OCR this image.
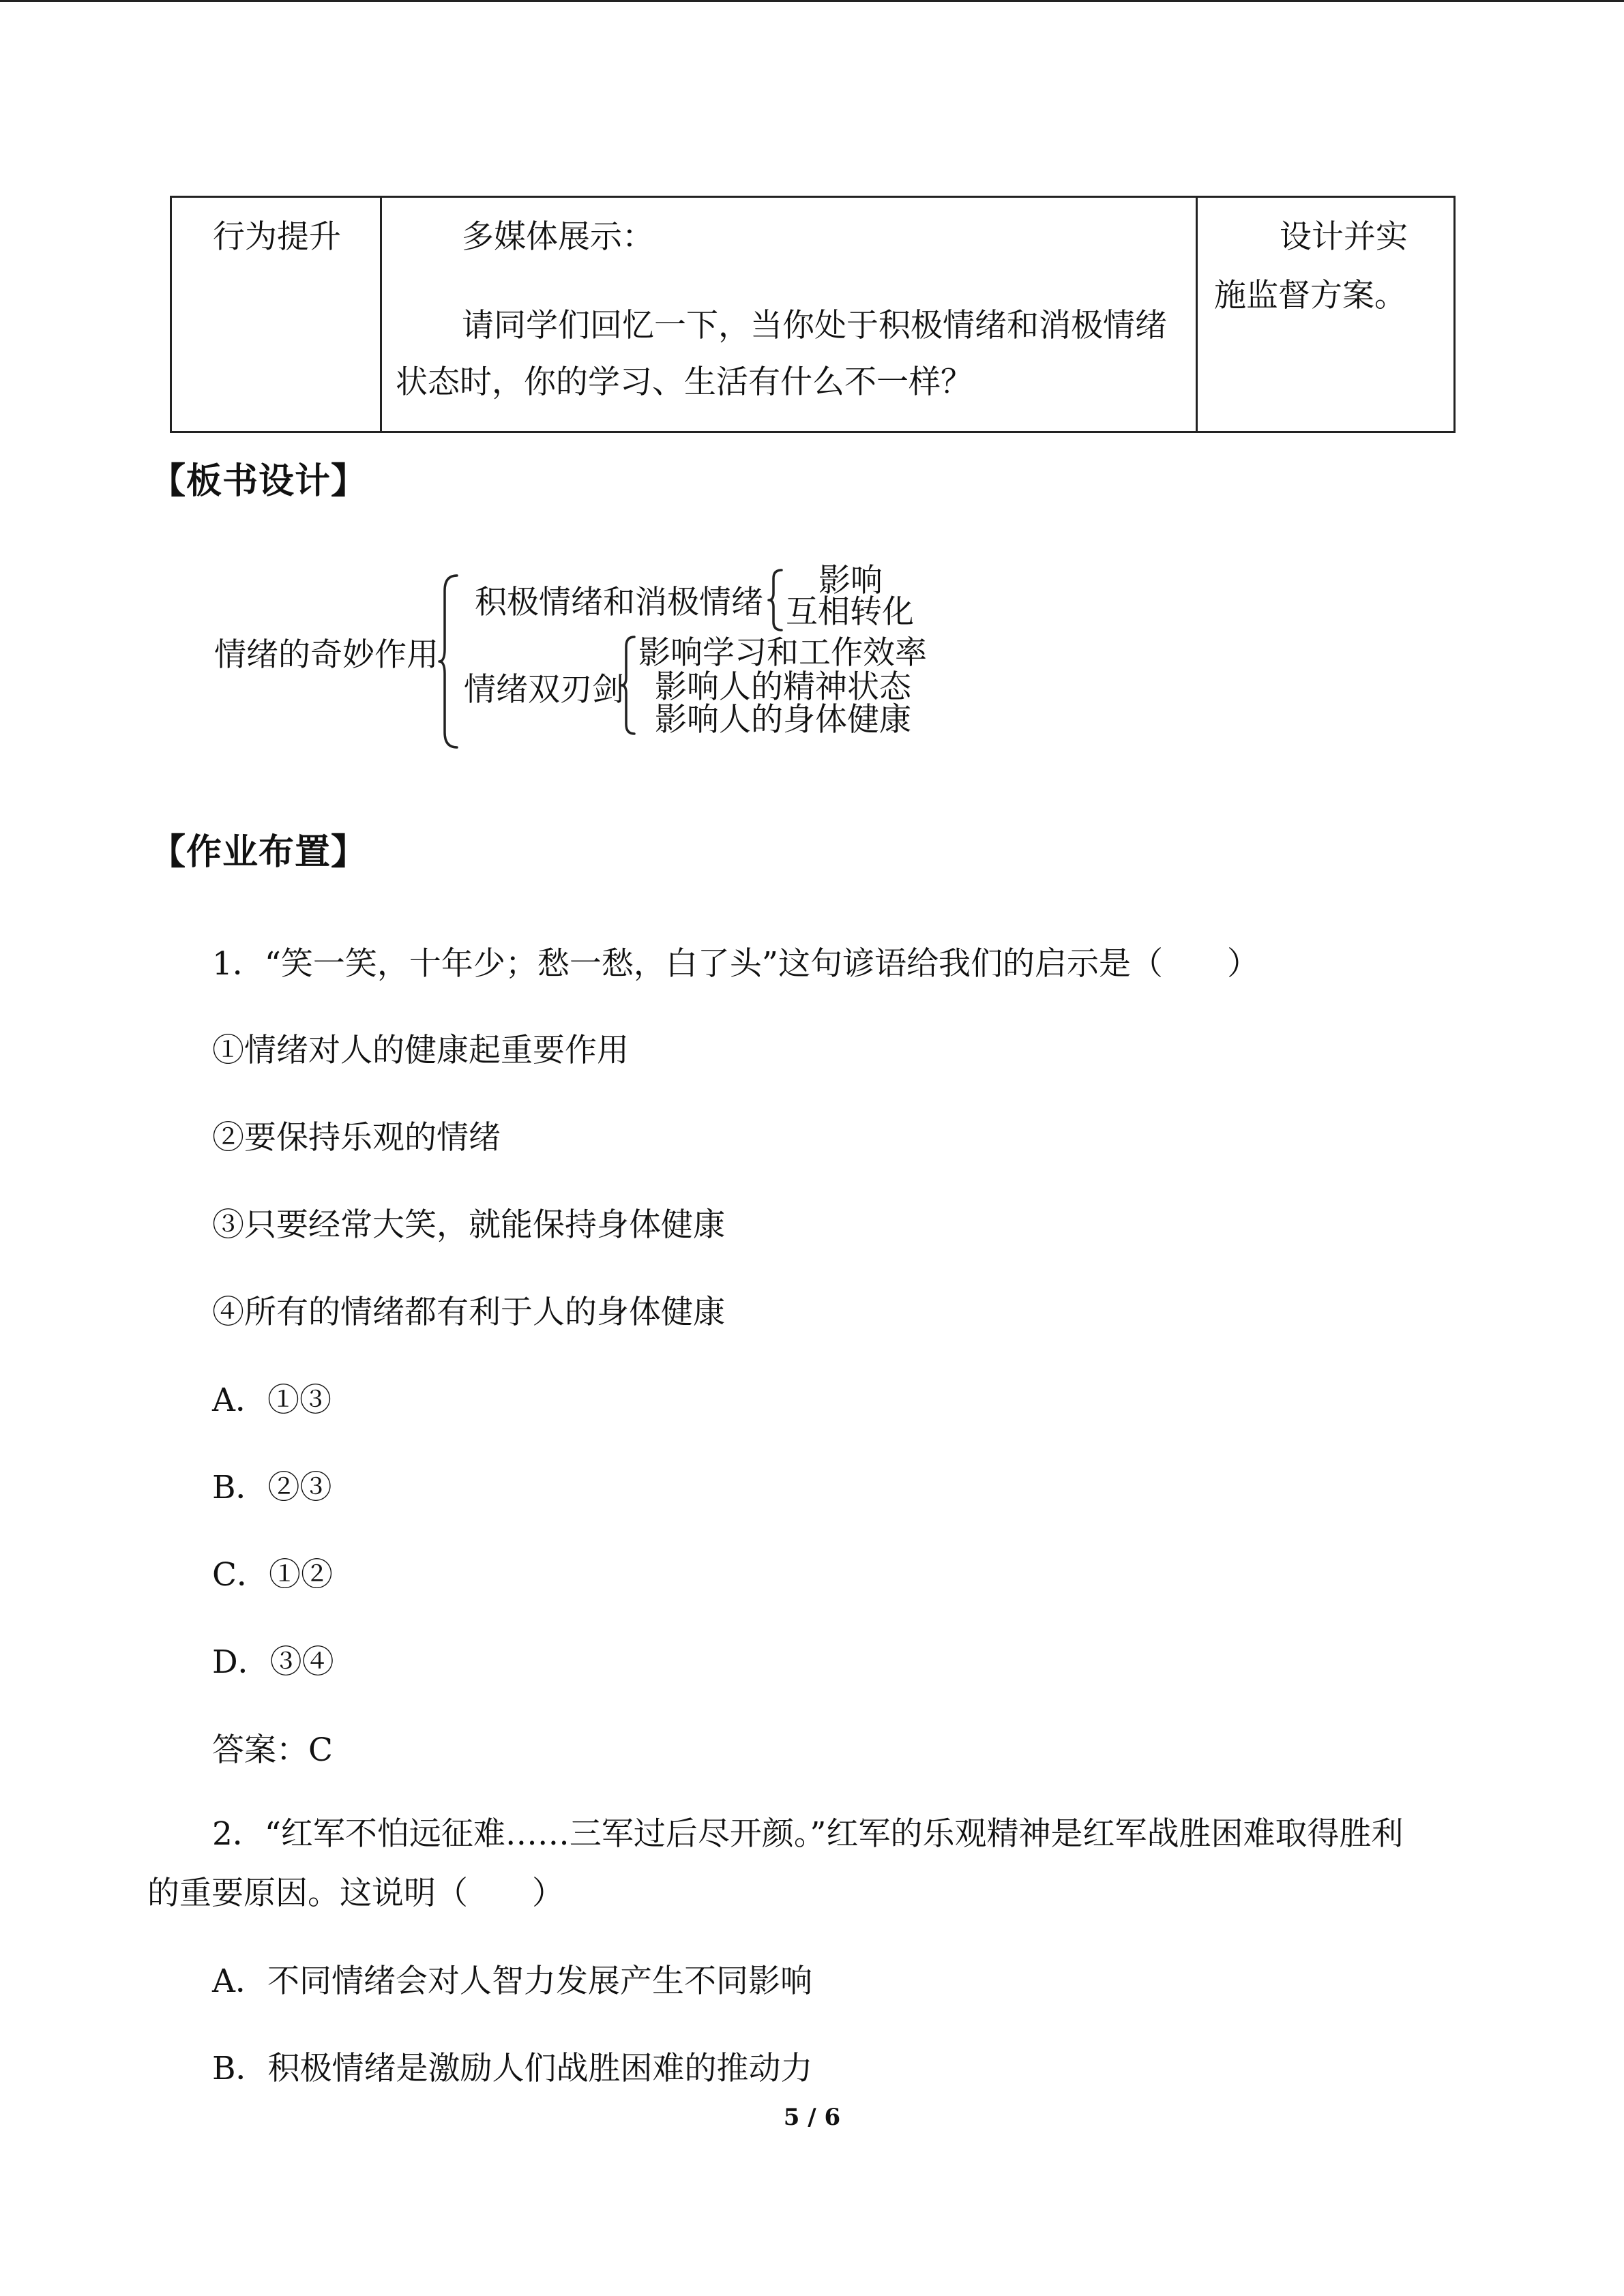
行为提升	多媒体展示：
请同学们回忆一下，当你处于积极情绪和消极情绪
状态时，你的学习、生活有什么不一样？
设计并实
施监督方案。
【板书设计】
情绪的奇妙作用
积极情绪和消极情绪
影响
互相转化
情绪双刃剑
影响学习和工作效率
影响人的精神状态
影响人的身体健康
【作业布置】
1．“笑一笑，十年少；愁一愁，白了头”这句谚语给我们的启示是（　　）
①情绪对人的健康起重要作用
②要保持乐观的情绪
③只要经常大笑，就能保持身体健康
④所有的情绪都有利于人的身体健康
A．①③
B．②③
C．①②
D．③④
答案：C
2．“红军不怕远征难……三军过后尽开颜。”红军的乐观精神是红军战胜困难取得胜利
的重要原因。这说明（　　）
A．不同情绪会对人智力发展产生不同影响
B．积极情绪是激励人们战胜困难的推动力
5 / 6
